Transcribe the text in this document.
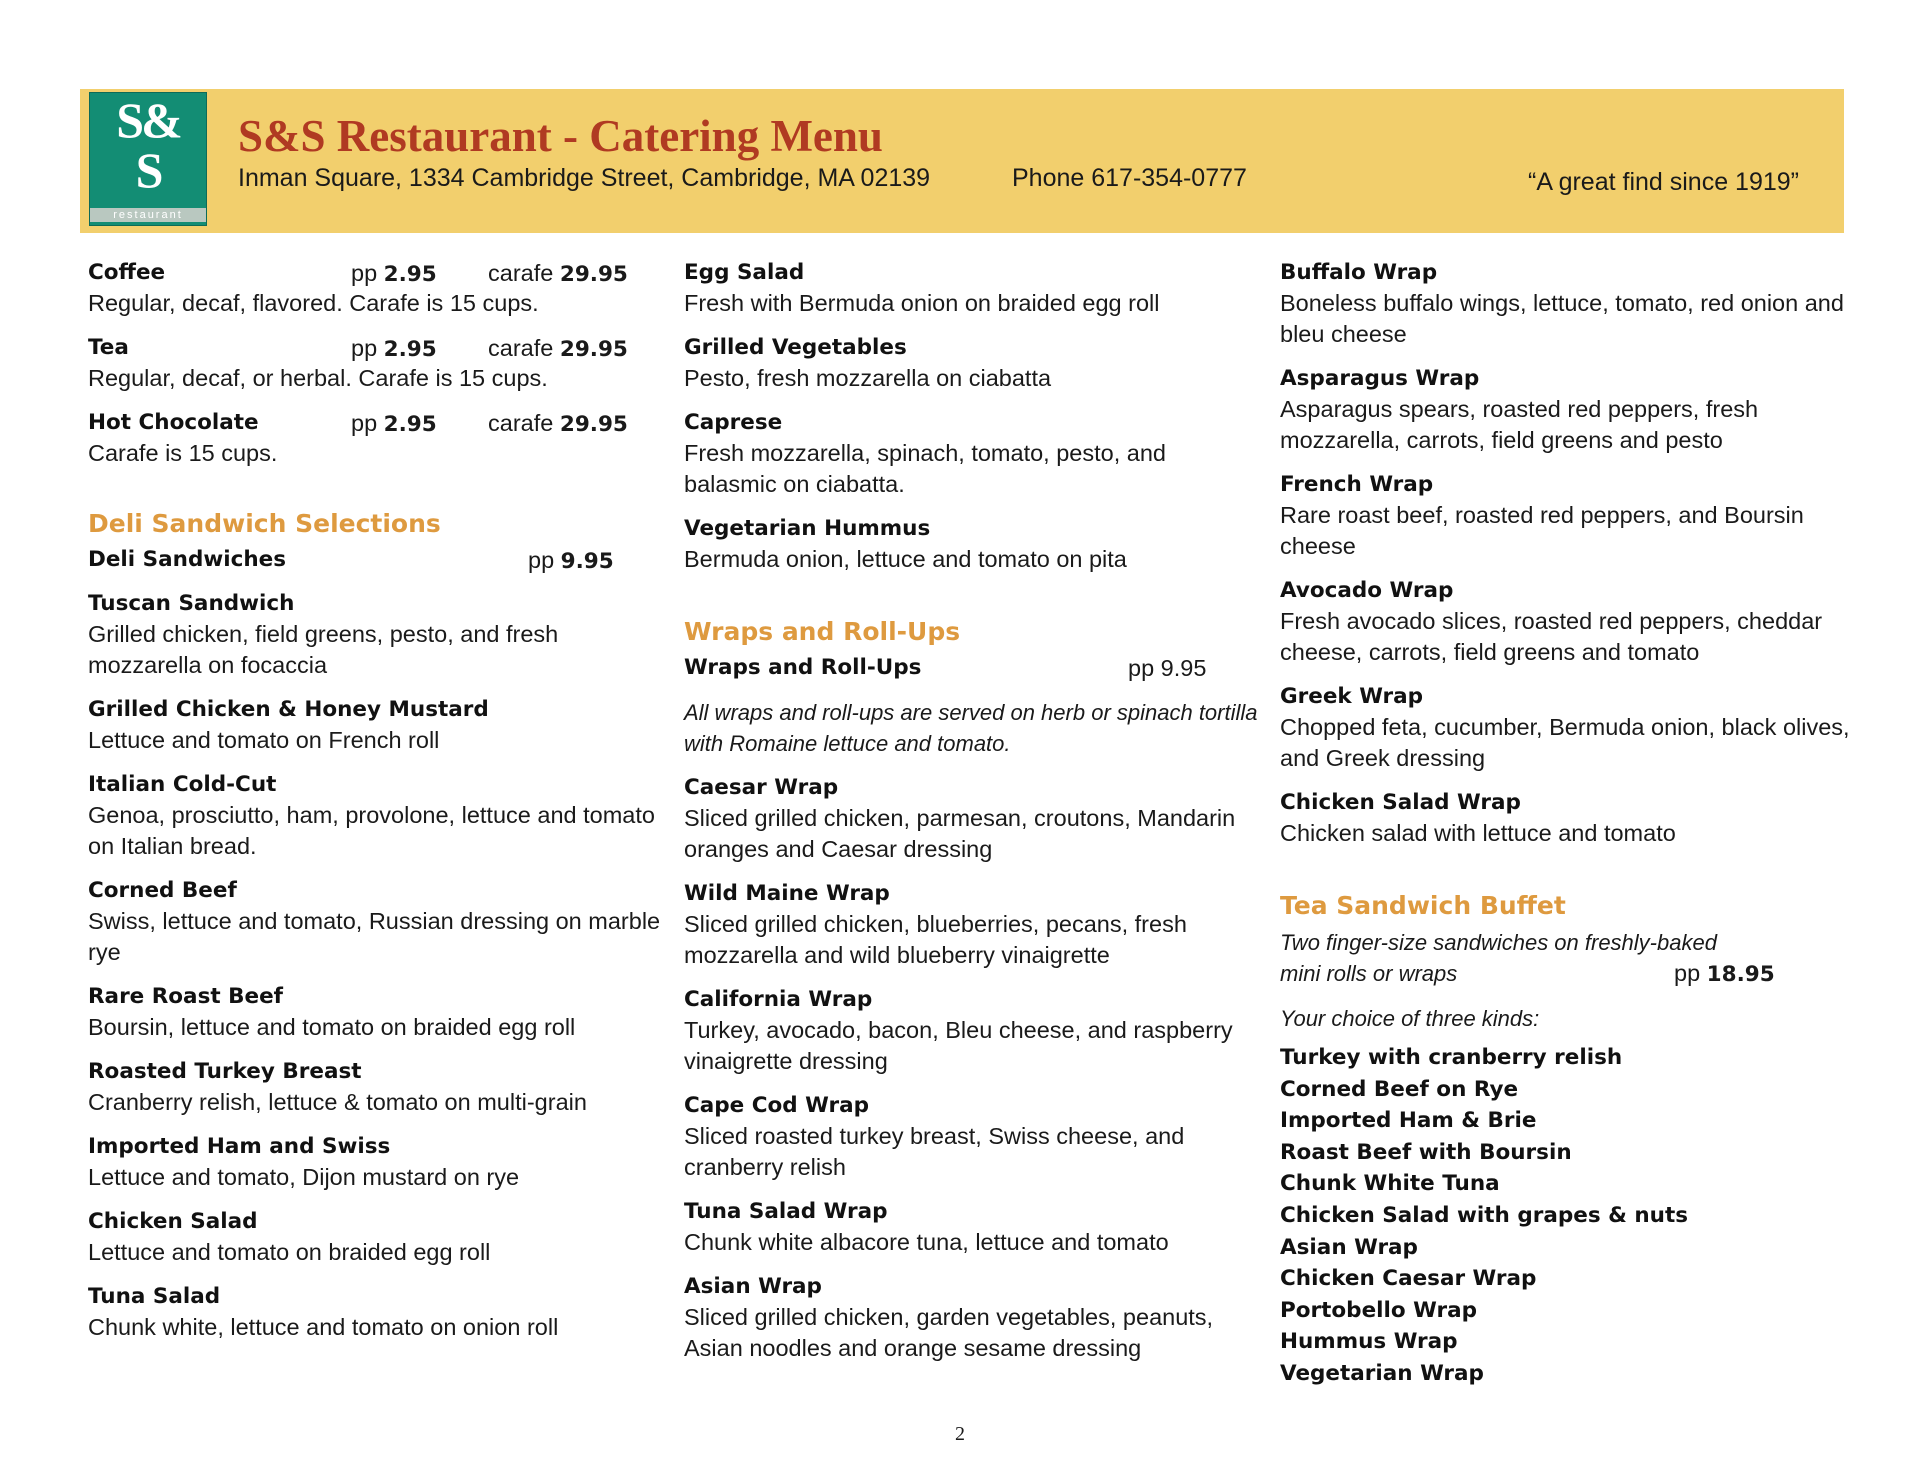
S&
S
restaurant
S&S Restaurant - Catering Menu
Inman Square, 1334 Cambridge Street, Cambridge, MA 02139	Phone 617-354-0777	“A great find since 1919”
Coffee	pp 2.95 carafe 29.95
Regular, decaf, flavored. Carafe is 15 cups.
Tea	pp 2.95 carafe 29.95
Regular, decaf, or herbal. Carafe is 15 cups.
Hot Chocolate	pp 2.95 carafe 29.95
Carafe is 15 cups.
Deli Sandwich Selections
Deli Sandwiches	pp 9.95
Tuscan Sandwich
Grilled chicken, field greens, pesto, and fresh mozzarella on focaccia
Grilled Chicken & Honey Mustard
Lettuce and tomato on French roll
Italian Cold-Cut
Genoa, prosciutto, ham, provolone, lettuce and tomato on Italian bread.
Corned Beef
Swiss, lettuce and tomato, Russian dressing on marble rye
Rare Roast Beef
Boursin, lettuce and tomato on braided egg roll
Roasted Turkey Breast
Cranberry relish, lettuce & tomato on multi-grain
Imported Ham and Swiss
Lettuce and tomato, Dijon mustard on rye
Chicken Salad
Lettuce and tomato on braided egg roll
Tuna Salad
Chunk white, lettuce and tomato on onion roll
Egg Salad
Fresh with Bermuda onion on braided egg roll
Grilled Vegetables
Pesto, fresh mozzarella on ciabatta
Caprese
Fresh mozzarella, spinach, tomato, pesto, and balasmic on ciabatta.
Vegetarian Hummus
Bermuda onion, lettuce and tomato on pita
Wraps and Roll-Ups
Wraps and Roll-Ups	pp 9.95
All wraps and roll-ups are served on herb or spinach tortilla with Romaine lettuce and tomato.
Caesar Wrap
Sliced grilled chicken, parmesan, croutons, Mandarin oranges and Caesar dressing
Wild Maine Wrap
Sliced grilled chicken, blueberries, pecans, fresh mozzarella and wild blueberry vinaigrette
California Wrap
Turkey, avocado, bacon, Bleu cheese, and raspberry vinaigrette dressing
Cape Cod Wrap
Sliced roasted turkey breast, Swiss cheese, and cranberry relish
Tuna Salad Wrap
Chunk white albacore tuna, lettuce and tomato
Asian Wrap
Sliced grilled chicken, garden vegetables, peanuts, Asian noodles and orange sesame dressing
Buffalo Wrap
Boneless buffalo wings, lettuce, tomato, red onion and bleu cheese
Asparagus Wrap
Asparagus spears, roasted red peppers, fresh mozzarella, carrots, field greens and pesto
French Wrap
Rare roast beef, roasted red peppers, and Boursin cheese
Avocado Wrap
Fresh avocado slices, roasted red peppers, cheddar cheese, carrots, field greens and tomato
Greek Wrap
Chopped feta, cucumber, Bermuda onion, black olives, and Greek dressing
Chicken Salad Wrap
Chicken salad with lettuce and tomato
Tea Sandwich Buffet
Two finger-size sandwiches on freshly-baked
mini rolls or wraps	pp 18.95
Your choice of three kinds:
Turkey with cranberry relish
Corned Beef on Rye
Imported Ham & Brie
Roast Beef with Boursin
Chunk White Tuna
Chicken Salad with grapes & nuts
Asian Wrap
Chicken Caesar Wrap
Portobello Wrap
Hummus Wrap
Vegetarian Wrap
2
